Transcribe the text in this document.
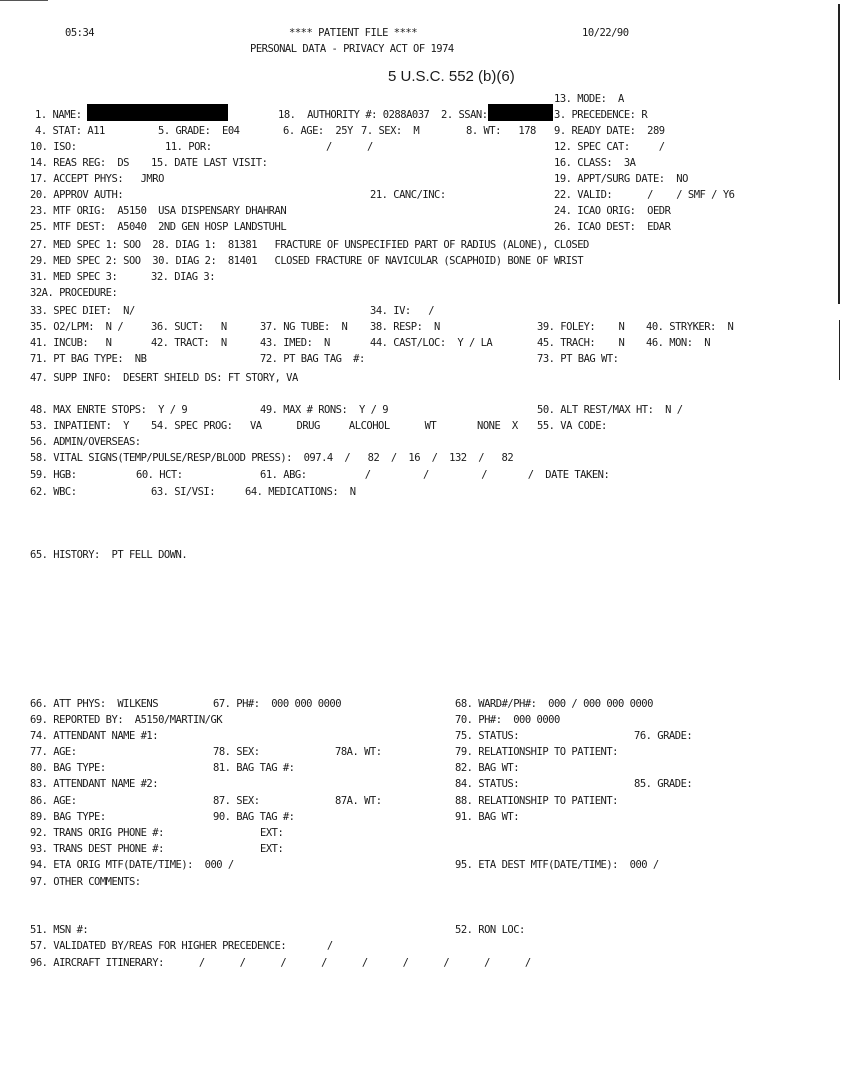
05:34	**** PATIENT FILE ****	10/22/90
PERSONAL DATA - PRIVACY ACT OF 1974
5 U.S.C. 552 (b)(6)
13. MODE:  A
1. NAME:	18.  AUTHORITY #: 0288A037  2. SSAN:	3. PRECEDENCE: R
4. STAT: A11	5. GRADE:  E04	6. AGE:  25Y 7. SEX:  M	8. WT:   178 9. READY DATE:  289
10. ISO:	11. POR:	/	/	12. SPEC CAT:     /
14. REAS REG:  DS 15. DATE LAST VISIT:	16. CLASS:  3A
17. ACCEPT PHYS:   JMRO	19. APPT/SURG DATE:  NO
20. APPROV AUTH:	21. CANC/INC:	22. VALID:      /    / SMF / Y6
23. MTF ORIG:  A5150  USA DISPENSARY DHAHRAN	24. ICAO ORIG:  OEDR
25. MTF DEST:  A5040  2ND GEN HOSP LANDSTUHL	26. ICAO DEST:  EDAR
27. MED SPEC 1: SOO  28. DIAG 1:  81381   FRACTURE OF UNSPECIFIED PART OF RADIUS (ALONE), CLOSED
29. MED SPEC 2: SOO  30. DIAG 2:  81401   CLOSED FRACTURE OF NAVICULAR (SCAPHOID) BONE OF WRIST
31. MED SPEC 3:	32. DIAG 3:
32A. PROCEDURE:
33. SPEC DIET:  N/	34. IV:   /
35. O2/LPM:  N /	36. SUCT:   N	37. NG TUBE:  N 38. RESP:  N	39. FOLEY:    N 40. STRYKER:  N
41. INCUB:   N	42. TRACT:  N	43. IMED:  N	44. CAST/LOC:  Y / LA	45. TRACH:    N 46. MON:  N
71. PT BAG TYPE:  NB	72. PT BAG TAG  #:	73. PT BAG WT:
47. SUPP INFO:  DESERT SHIELD DS: FT STORY, VA
48. MAX ENRTE STOPS:  Y / 9	49. MAX # RONS:  Y / 9	50. ALT REST/MAX HT:  N /
53. INPATIENT:  Y 54. SPEC PROG:   VA      DRUG     ALCOHOL      WT       NONE  X 55. VA CODE:
56. ADMIN/OVERSEAS:
58. VITAL SIGNS(TEMP/PULSE/RESP/BLOOD PRESS):  097.4  /   82  /  16  /  132  /   82
59. HGB:	60. HCT:	61. ABG:          /         /         /       /  DATE TAKEN:
62. WBC:	63. SI/VSI:	64. MEDICATIONS:  N
65. HISTORY:  PT FELL DOWN.
66. ATT PHYS:  WILKENS	67. PH#:  000 000 0000	68. WARD#/PH#:  000 / 000 000 0000
69. REPORTED BY:  A5150/MARTIN/GK	70. PH#:  000 0000
74. ATTENDANT NAME #1:	75. STATUS:	76. GRADE:
77. AGE:	78. SEX:	78A. WT:	79. RELATIONSHIP TO PATIENT:
80. BAG TYPE:	81. BAG TAG #:	82. BAG WT:
83. ATTENDANT NAME #2:	84. STATUS:	85. GRADE:
86. AGE:	87. SEX:	87A. WT:	88. RELATIONSHIP TO PATIENT:
89. BAG TYPE:	90. BAG TAG #:	91. BAG WT:
92. TRANS ORIG PHONE #:	EXT:
93. TRANS DEST PHONE #:	EXT:
94. ETA ORIG MTF(DATE/TIME):  000 /	95. ETA DEST MTF(DATE/TIME):  000 /
97. OTHER COMMENTS:
51. MSN #:	52. RON LOC:
57. VALIDATED BY/REAS FOR HIGHER PRECEDENCE:       /
96. AIRCRAFT ITINERARY:      /      /      /      /      /      /      /      /      /
